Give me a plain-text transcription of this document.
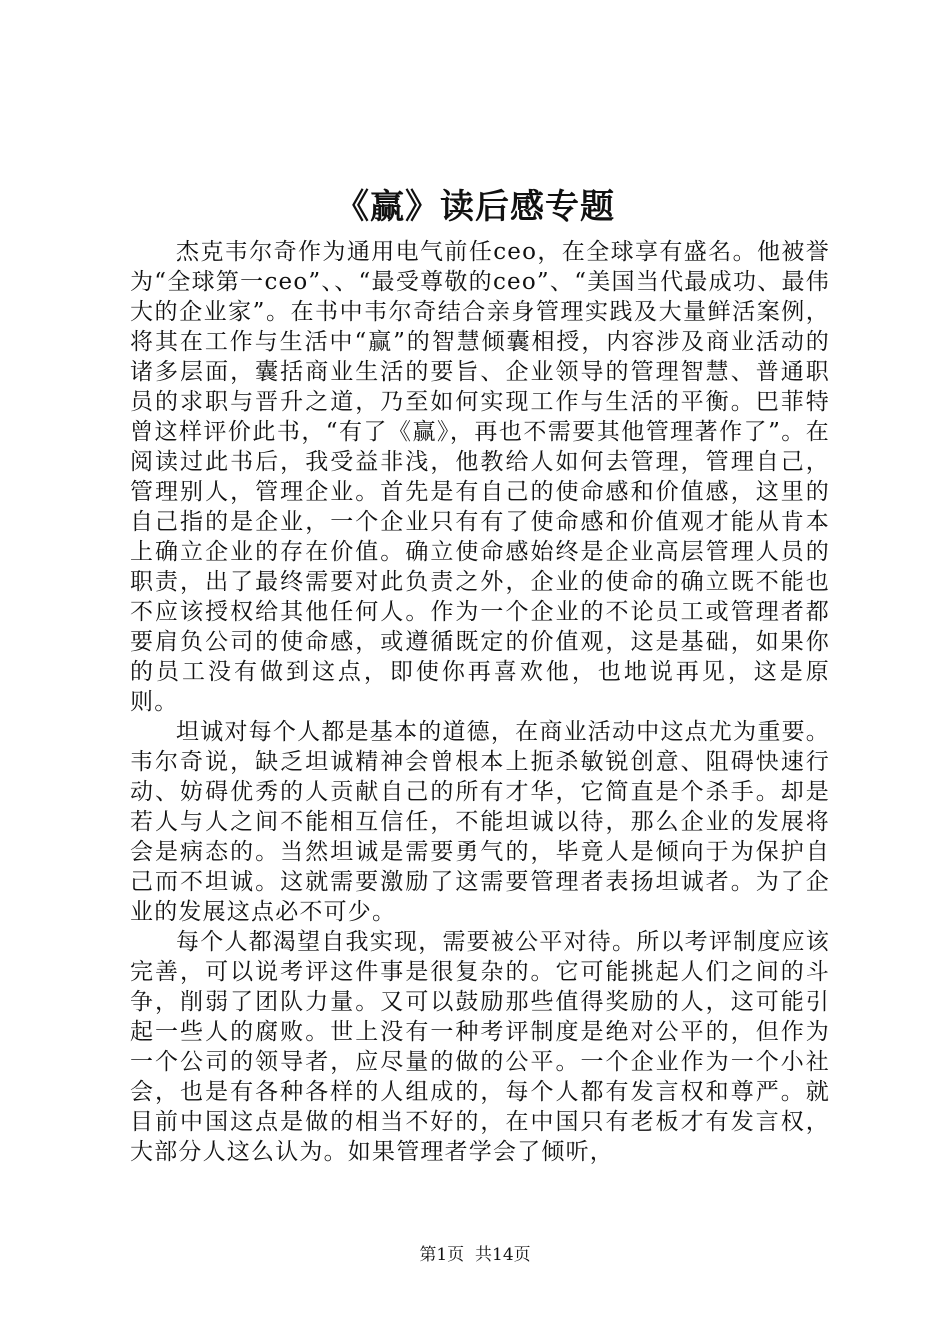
《赢》读后感专题

杰克韦尔奇作为通用电气前任ceo，在全球享有盛名。他被誉为“全球第一ceo”、、“最受尊敬的ceo”、“美国当代最成功、最伟大的企业家”。在书中韦尔奇结合亲身管理实践及大量鲜活案例，将其在工作与生活中“赢”的智慧倾囊相授，内容涉及商业活动的诸多层面，囊括商业生活的要旨、企业领导的管理智慧、普通职员的求职与晋升之道，乃至如何实现工作与生活的平衡。巴菲特曾这样评价此书，“有了《赢》，再也不需要其他管理著作了”。在阅读过此书后，我受益非浅，他教给人如何去管理，管理自己，管理别人，管理企业。首先是有自己的使命感和价值感，这里的自己指的是企业，一个企业只有有了使命感和价值观才能从肯本上确立企业的存在价值。确立使命感始终是企业高层管理人员的职责，出了最终需要对此负责之外，企业的使命的确立既不能也不应该授权给其他任何人。作为一个企业的不论员工或管理者都要肩负公司的使命感，或遵循既定的价值观，这是基础，如果你的员工没有做到这点，即使你再喜欢他，也地说再见，这是原则。

坦诚对每个人都是基本的道德，在商业活动中这点尤为重要。韦尔奇说，缺乏坦诚精神会曾根本上扼杀敏锐创意、阻碍快速行动、妨碍优秀的人贡献自己的所有才华，它简直是个杀手。却是若人与人之间不能相互信任，不能坦诚以待，那么企业的发展将会是病态的。当然坦诚是需要勇气的，毕竟人是倾向于为保护自己而不坦诚。这就需要激励了这需要管理者表扬坦诚者。为了企业的发展这点必不可少。

每个人都渴望自我实现，需要被公平对待。所以考评制度应该完善，可以说考评这件事是很复杂的。它可能挑起人们之间的斗争，削弱了团队力量。又可以鼓励那些值得奖励的人，这可能引起一些人的腐败。世上没有一种考评制度是绝对公平的，但作为一个公司的领导者，应尽量的做的公平。一个企业作为一个小社会，也是有各种各样的人组成的，每个人都有发言权和尊严。就目前中国这点是做的相当不好的，在中国只有老板才有发言权，大部分人这么认为。如果管理者学会了倾听，

第1页 共14页
